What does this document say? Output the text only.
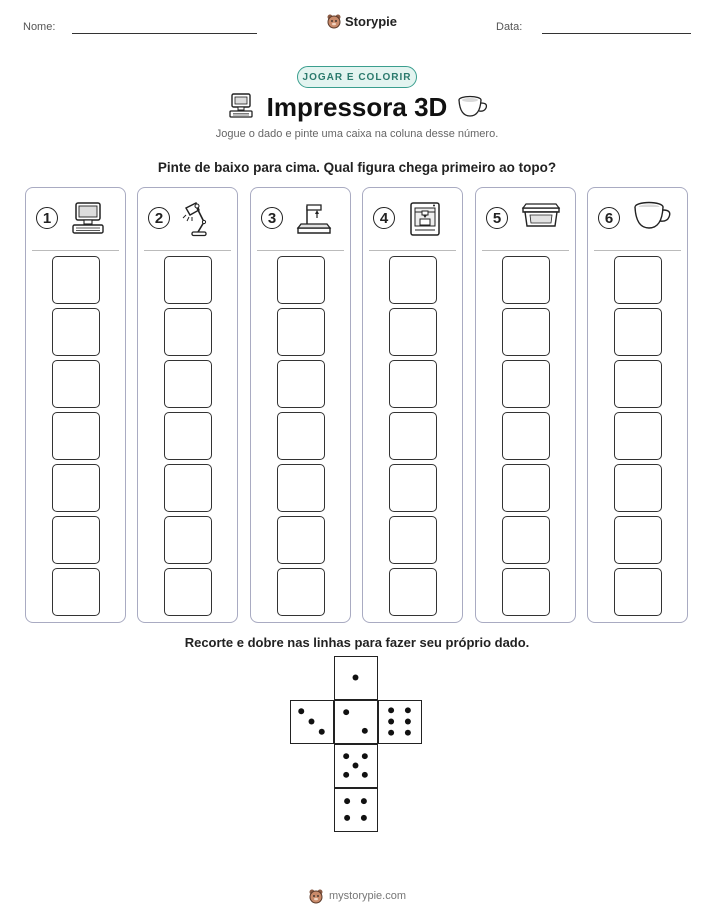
Nome:	Storypie	Data:
JOGAR E COLORIR
Impressora 3D
Jogue o dado e pinte uma caixa na coluna desse número.
Pinte de baixo para cima. Qual figura chega primeiro ao topo?
1	2	3	4	5	6
Recorte e dobre nas linhas para fazer seu próprio dado.
mystorypie.com
